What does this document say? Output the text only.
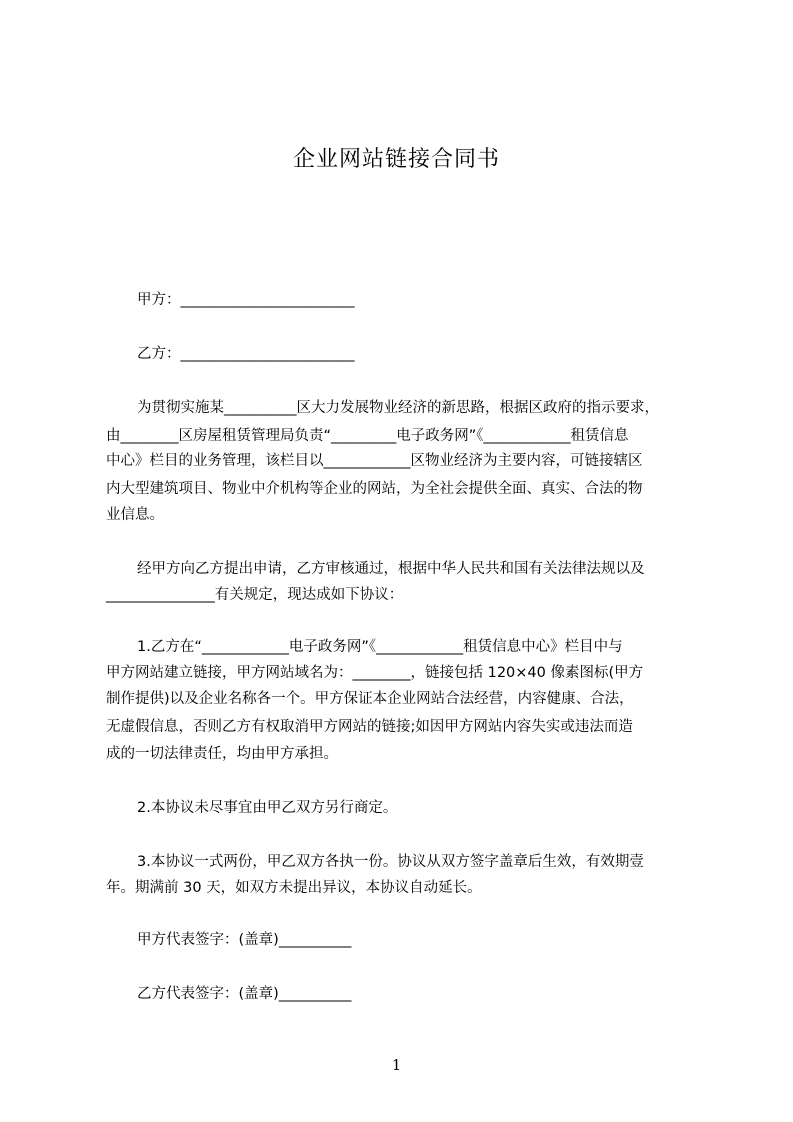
企业网站链接合同书
甲方：________________________
乙方：________________________
为贯彻实施某__________区大力发展物业经济的新思路，根据区政府的指示要求，
由________区房屋租赁管理局负责“_________电子政务网”《____________租赁信息
中心》栏目的业务管理，该栏目以____________区物业经济为主要内容，可链接辖区
内大型建筑项目、物业中介机构等企业的网站，为全社会提供全面、真实、合法的物
业信息。
经甲方向乙方提出申请，乙方审核通过，根据中华人民共和国有关法律法规以及
_______________有关规定，现达成如下协议：
1.乙方在“____________电子政务网”《____________租赁信息中心》栏目中与
甲方网站建立链接，甲方网站域名为：________，链接包括 120×40 像素图标(甲方
制作提供)以及企业名称各一个。甲方保证本企业网站合法经营，内容健康、合法，
无虚假信息，否则乙方有权取消甲方网站的链接;如因甲方网站内容失实或违法而造
成的一切法律责任，均由甲方承担。
2.本协议未尽事宜由甲乙双方另行商定。
3.本协议一式两份，甲乙双方各执一份。协议从双方签字盖章后生效，有效期壹
年。期满前 30 天，如双方未提出异议，本协议自动延长。
甲方代表签字：(盖章)__________
乙方代表签字：(盖章)__________
1
